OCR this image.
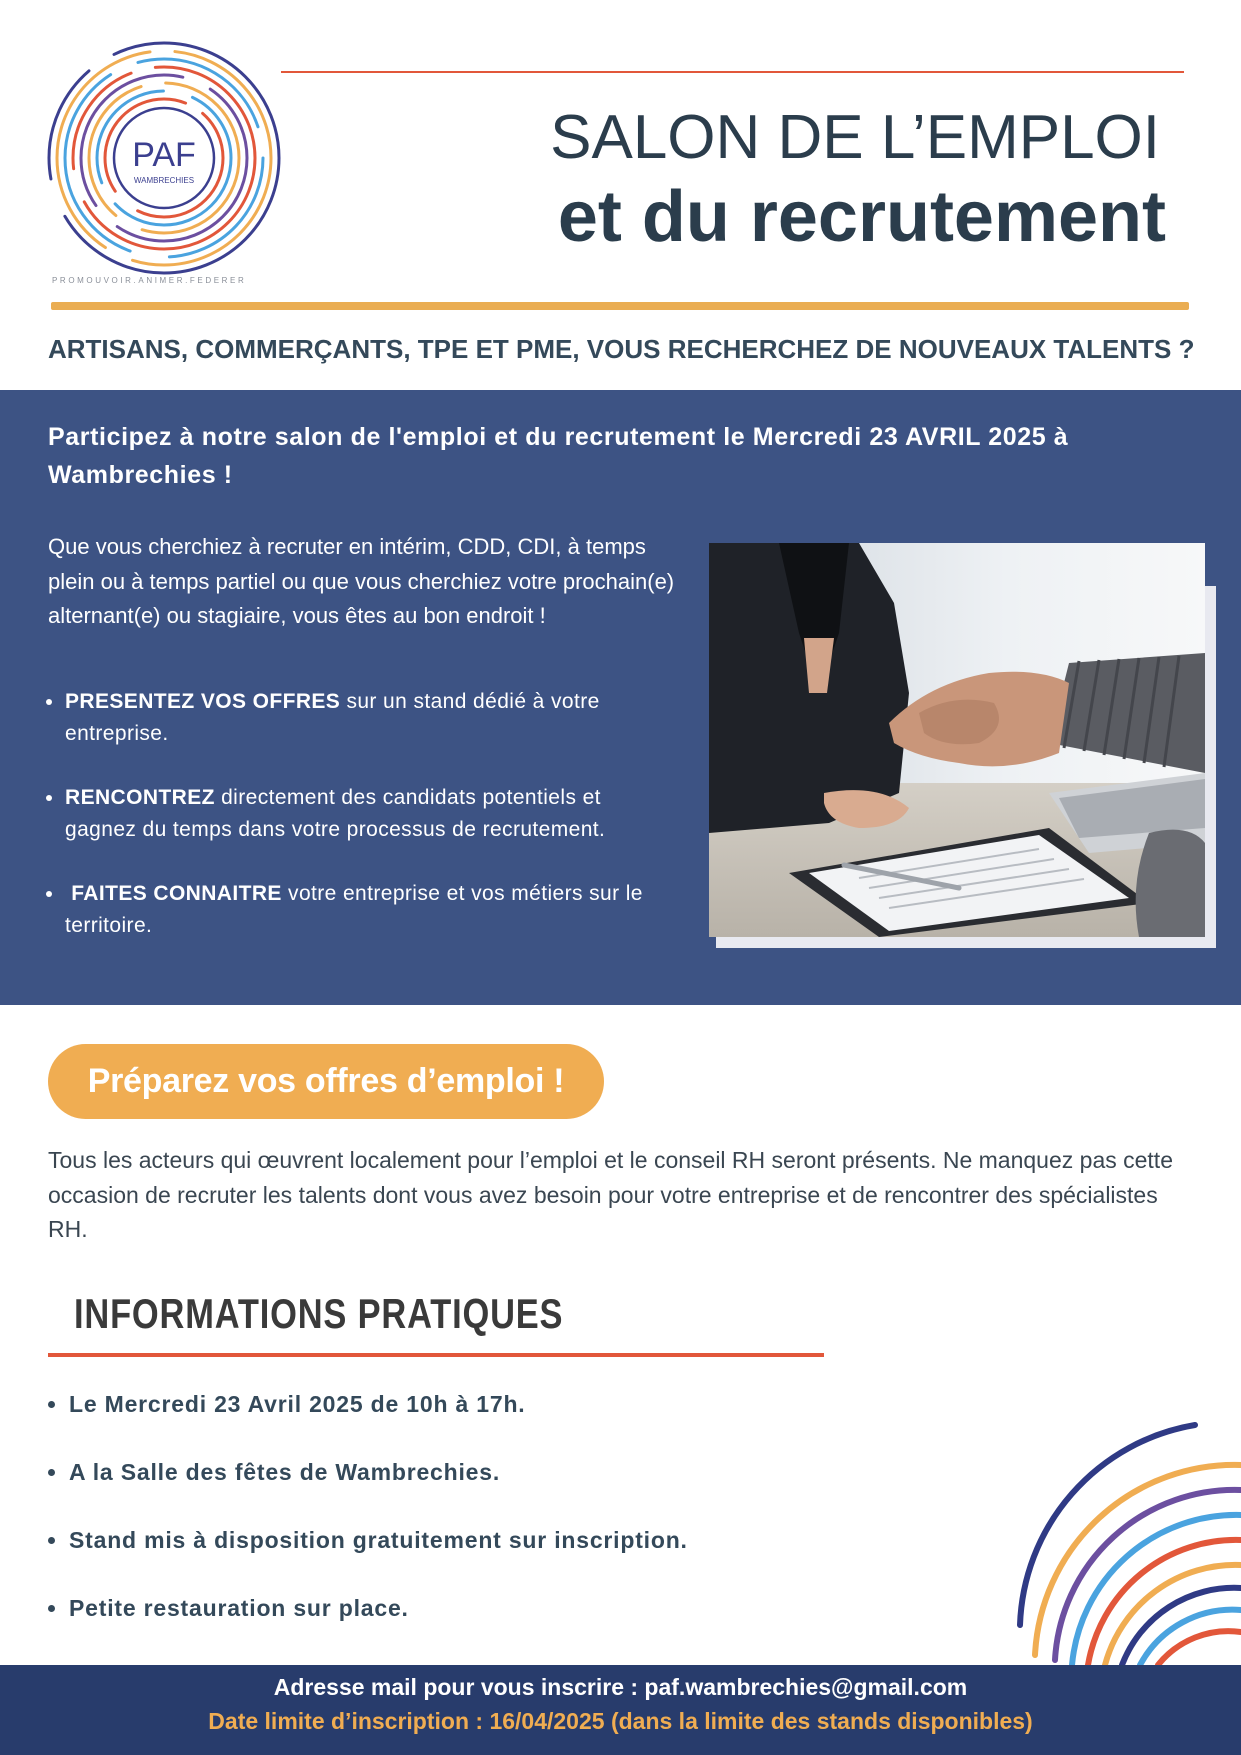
PAF
WAMBRECHIES
PROMOUVOIR.ANIMER.FEDERER
SALON DE L’EMPLOI
et du recrutement
ARTISANS, COMMERÇANTS, TPE ET PME, VOUS RECHERCHEZ DE NOUVEAUX TALENTS ?
Participez à notre salon de l'emploi et du recrutement le Mercredi 23 AVRIL 2025 à Wambrechies !
Que vous cherchiez à recruter en intérim, CDD, CDI, à temps plein ou à temps partiel ou que vous cherchiez votre prochain(e) alternant(e) ou stagiaire, vous êtes au bon endroit !
• PRESENTEZ VOS OFFRES sur un stand dédié à votre entreprise.
• RENCONTREZ directement des candidats potentiels et gagnez du temps dans votre processus de recrutement.
•  FAITES CONNAITRE votre entreprise et vos métiers sur le territoire.
Préparez vos offres d’emploi !
Tous les acteurs qui œuvrent localement pour l’emploi et le conseil RH seront présents. Ne manquez pas cette occasion de recruter les talents dont vous avez besoin pour votre entreprise et de rencontrer des spécialistes RH.
INFORMATIONS PRATIQUES
• Le Mercredi 23 Avril 2025 de 10h à 17h.
• A la Salle des fêtes de Wambrechies.
• Stand mis à disposition gratuitement sur inscription.
• Petite restauration sur place.
Adresse mail pour vous inscrire : paf.wambrechies@gmail.com
Date limite d’inscription : 16/04/2025 (dans la limite des stands disponibles)
